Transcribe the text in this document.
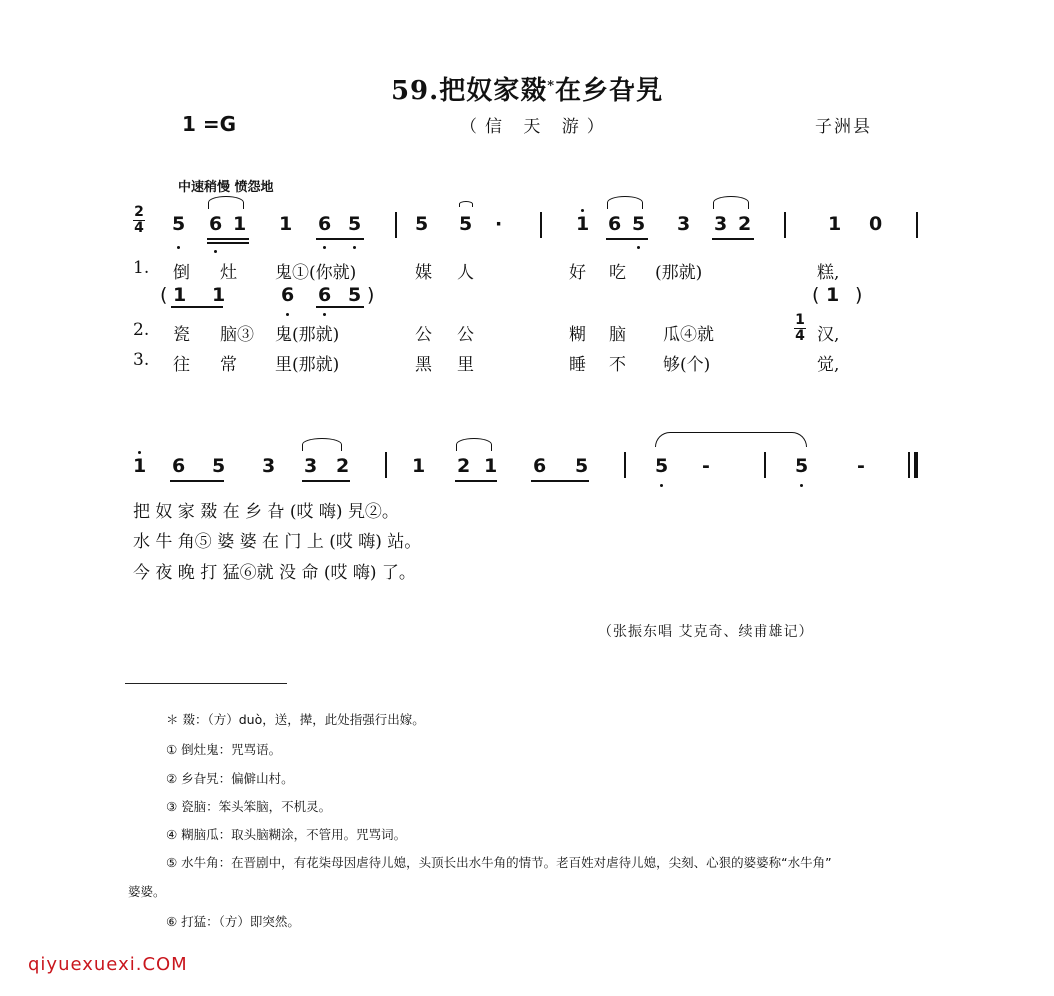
59.把奴家敠*在乡旮旯
1 =G	（信 天 游）	子洲县
中速稍慢 愤怨地
2
4 5 6 1 1 6 5	5 5 ·	1 6 5 3 3 2	1 0
1. 倒 灶 鬼①(你就)	媒 人	好 吃 (那就)	糕,
( 1 1	6 6 5 )	( 1 )
2. 瓷 脑③ 鬼(那就)	公 公	糊 脑 瓜④就	汉,
1
4
3. 往 常 里(那就)	黑 里	睡 不 够(个)	觉,
1 6 5 3 3 2	1 2 1 6 5	5 -	5	-
把 奴 家 敠 在 乡 旮 (哎 嗨) 旯②。
水 牛 角⑤ 婆 婆 在 门 上 (哎 嗨) 站。
今 夜 晚 打 猛⑥就 没 命 (哎 嗨) 了。
（张振东唱 艾克奇、续甫雄记）
＊ 敠：（方）duò，送，撵，此处指强行出嫁。
① 倒灶鬼：咒骂语。
② 乡旮旯：偏僻山村。
③ 瓷脑：笨头笨脑，不机灵。
④ 糊脑瓜：取头脑糊涂，不管用。咒骂词。
⑤ 水牛角：在晋剧中，有花柒母因虐待儿媳，头顶长出水牛角的情节。老百姓对虐待儿媳，尖刻、心狠的婆婆称“水牛角”
婆婆。
⑥ 打猛：（方）即突然。
qiyuexuexi.COM
